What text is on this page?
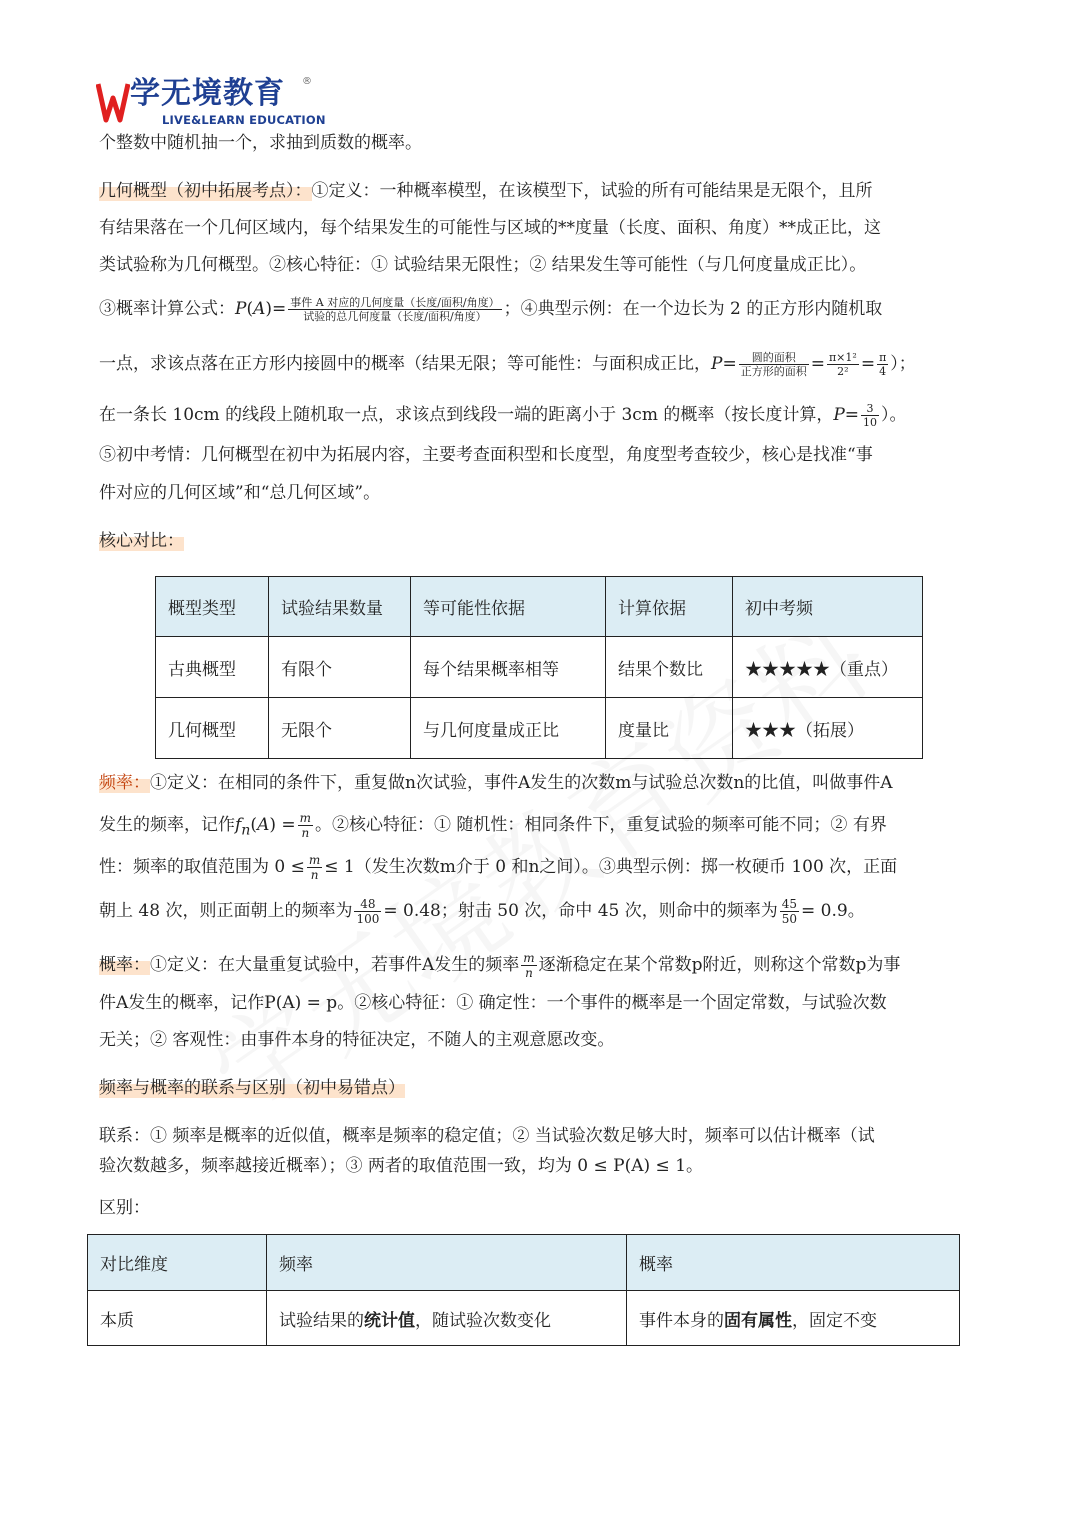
学无境教育 ®
LIVE&LEARN EDUCATION
个整数中随机抽一个，求抽到质数的概率。
几何概型（初中拓展考点）：①定义：一种概率模型，在该模型下，试验的所有可能结果是无限个，且所
有结果落在一个几何区域内，每个结果发生的可能性与区域的**度量（长度、面积、角度）**成正比，这
类试验称为几何概型。②核心特征：① 试验结果无限性；② 结果发生等可能性（与几何度量成正比）。
③概率计算公式：$P(A)= \frac{\text{事件 A 对应的几何度量（长度/面积/角度）}}{\text{试验的总几何度量（长度/面积/角度）}}$ ；④典型示例：在一个边长为 2 的正方形内随机取
一点，求该点落在正方形内接圆中的概率（结果无限；等可能性：与面积成正比，$P= \frac{\text{圆的面积}}{\text{正方形的面积}} = \frac{\text{π×1²}}{\text{2²}} = \frac{\pi}{4}$ ）；
在一条长 10cm 的线段上随机取一点，求该点到线段一端的距离小于 3cm 的概率（按长度计算，$P= \frac{3}{10}$ ）。
⑤初中考情：几何概型在初中为拓展内容，主要考查面积型和长度型，角度型考查较少，核心是找准“事
件对应的几何区域”和“总几何区域”。
核心对比：
概型类型	试验结果数量	等可能性依据	计算依据	初中考频
古典概型	有限个	每个结果概率相等	结果个数比	★★★★★（重点）
几何概型	无限个	与几何度量成正比	度量比	★★★（拓展）
频率：①定义：在相同的条件下，重复做n次试验，事件A发生的次数m与试验总次数n的比值，叫做事件A
发生的频率，记作$f_n(A) = \frac{m}{n}$ 。②核心特征：① 随机性：相同条件下，重复试验的频率可能不同；② 有界
性：频率的取值范围为 $0 \le \frac{m}{n} \le 1$（发生次数m介于 0 和n之间）。③典型示例：掷一枚硬币 100 次，正面
朝上 48 次，则正面朝上的频率为 $\frac{48}{100} = 0.48$；射击 50 次，命中 45 次，则命中的频率为 $\frac{45}{50} = 0.9$。
概率：①定义：在大量重复试验中，若事件A发生的频率 $\frac{m}{n}$ 逐渐稳定在某个常数p附近，则称这个常数p为事
件A发生的概率，记作P(A) = p。②核心特征：① 确定性：一个事件的概率是一个固定常数，与试验次数
无关；② 客观性：由事件本身的特征决定，不随人的主观意愿改变。
频率与概率的联系与区别（初中易错点）
联系：① 频率是概率的近似值，概率是频率的稳定值；② 当试验次数足够大时，频率可以估计概率（试
验次数越多，频率越接近概率）；③ 两者的取值范围一致，均为 0 ≤ P(A) ≤ 1。
区别：
对比维度	频率	概率
本质	试验结果的统计值，随试验次数变化	事件本身的固有属性，固定不变
